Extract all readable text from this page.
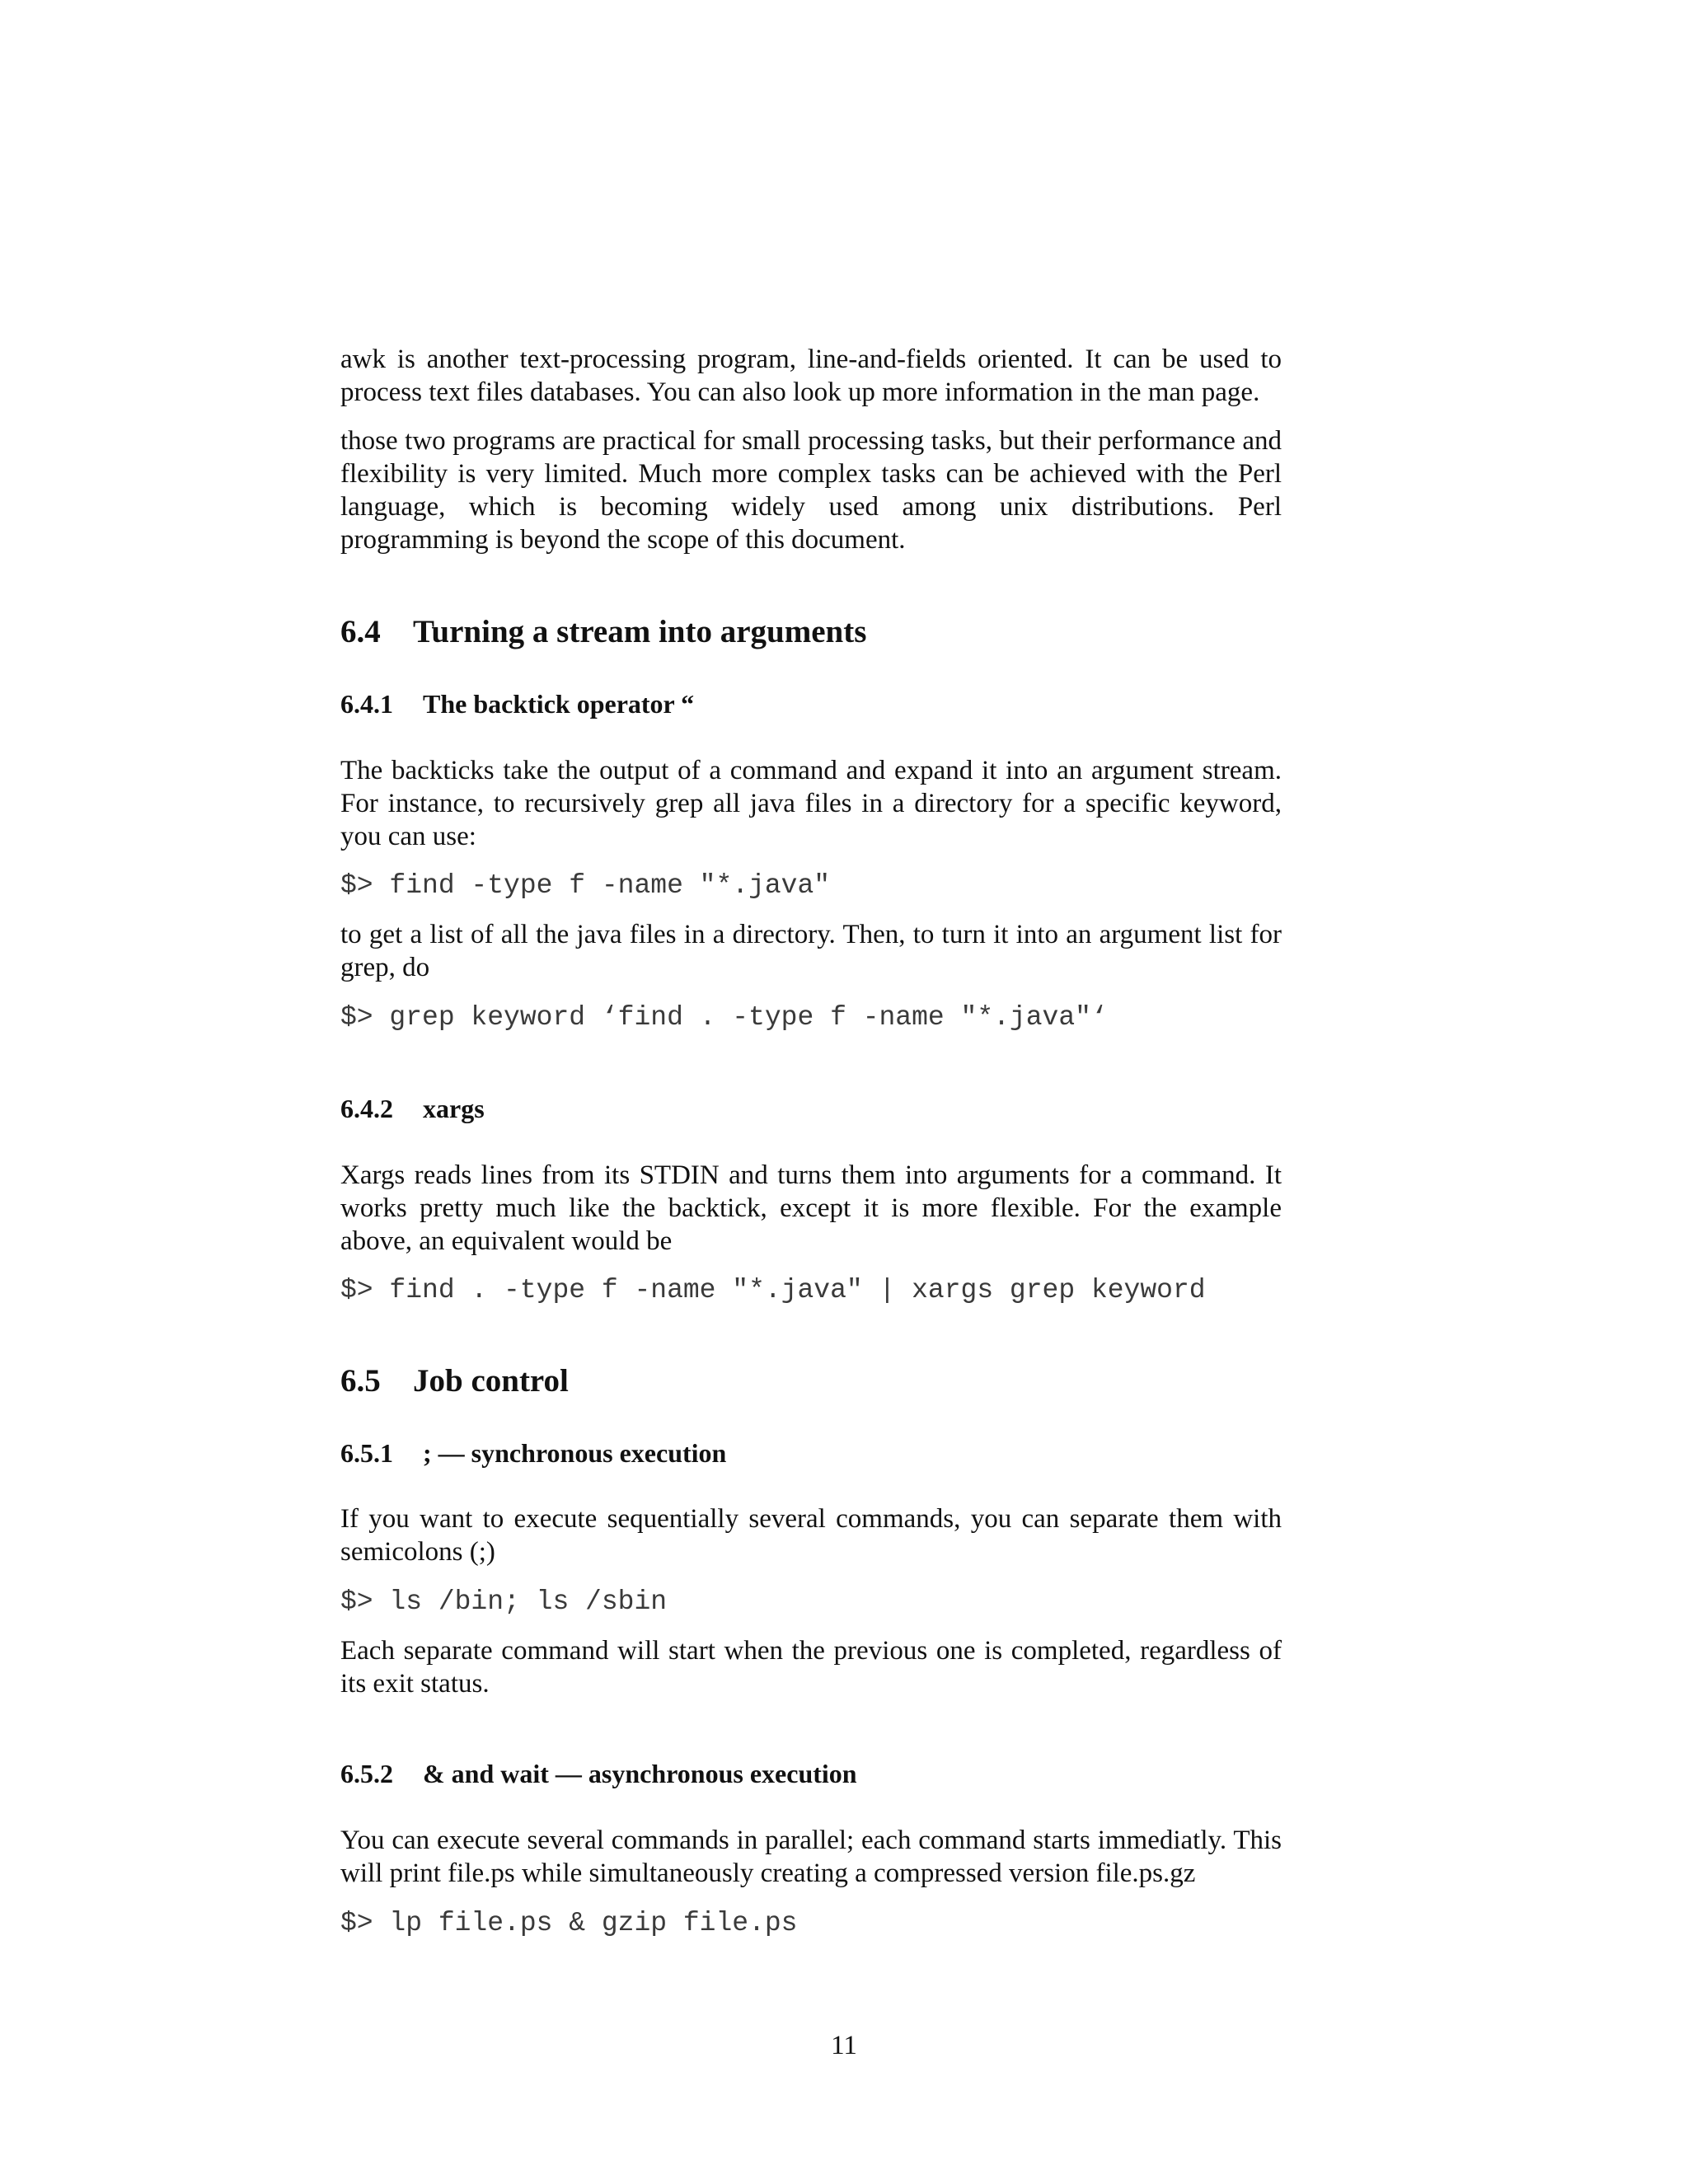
awk is another text-processing program, line-and-fields oriented. It can be used to process text files databases. You can also look up more information in the man page.

those two programs are practical for small processing tasks, but their performance and flexibility is very limited. Much more complex tasks can be achieved with the Perl language, which is becoming widely used among unix distributions. Perl programming is beyond the scope of this document.

6.4 Turning a stream into arguments
6.4.1 The backtick operator “

The backticks take the output of a command and expand it into an argument stream. For instance, to recursively grep all java files in a directory for a specific keyword, you can use:

$> find -type f -name "*.java"

to get a list of all the java files in a directory. Then, to turn it into an argument list for grep, do

$> grep keyword ‘find . -type f -name "*.java"‘
6.4.2 xargs

Xargs reads lines from its STDIN and turns them into arguments for a command. It works pretty much like the backtick, except it is more flexible. For the example above, an equivalent would be

$> find . -type f -name "*.java" | xargs grep keyword
6.5 Job control
6.5.1 ; — synchronous execution

If you want to execute sequentially several commands, you can separate them with semicolons (;)

$> ls /bin; ls /sbin

Each separate command will start when the previous one is completed, regardless of its exit status.

6.5.2 & and wait — asynchronous execution

You can execute several commands in parallel; each command starts immediatly. This will print file.ps while simultaneously creating a compressed version file.ps.gz

$> lp file.ps & gzip file.ps
11
